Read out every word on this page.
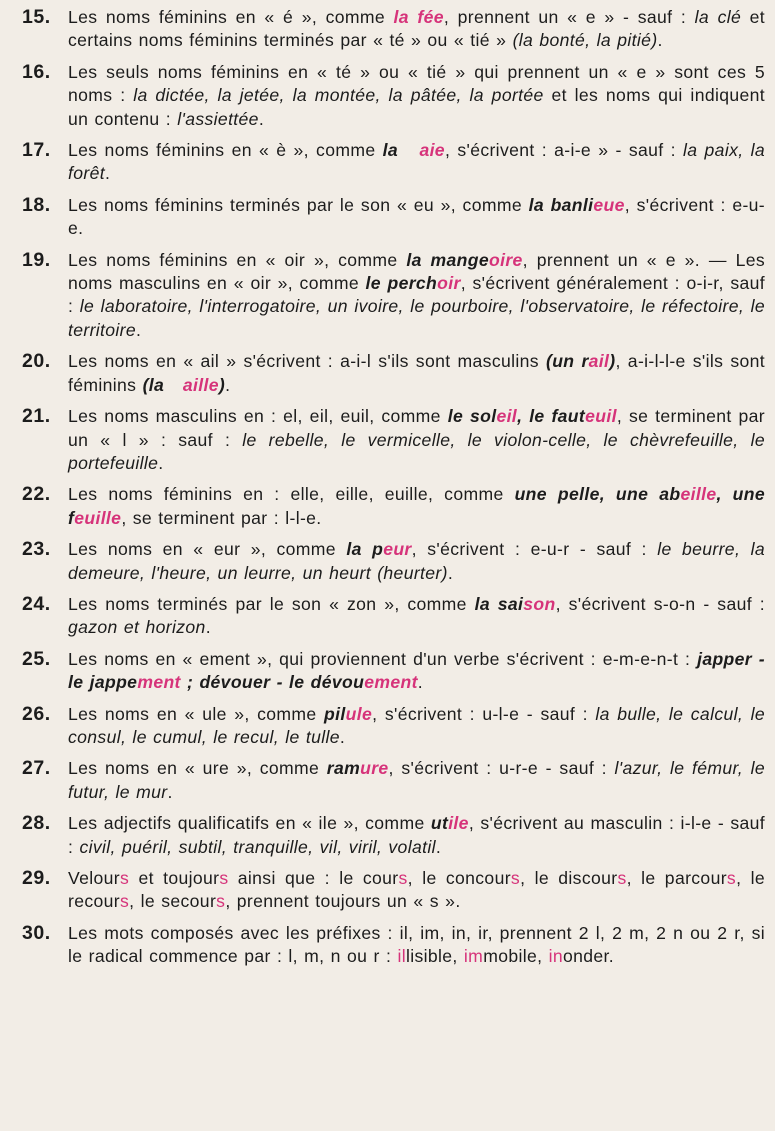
15. Les noms féminins en « é », comme la fée, prennent un « e » - sauf : la clé et certains noms féminins terminés par « té » ou « tié » (la bonté, la pitié).
16. Les seuls noms féminins en « té » ou « tié » qui prennent un « e » sont ces 5 noms : la dictée, la jetée, la montée, la pâtée, la portée et les noms qui indiquent un contenu : l'assiettée.
17. Les noms féminins en « è », comme la aie, s'écrivent : a-i-e » - sauf : la paix, la forêt.
18. Les noms féminins terminés par le son « eu », comme la banlieue, s'écrivent : e-u-e.
19. Les noms féminins en « oir », comme la mangeoire, prennent un « e ». — Les noms masculins en « oir », comme le perchoir, s'écrivent généralement : o-i-r, sauf : le laboratoire, l'interrogatoire, un ivoire, le pourboire, l'observatoire, le réfectoire, le territoire.
20. Les noms en « ail » s'écrivent : a-i-l s'ils sont masculins (un rail), a-i-l-l-e s'ils sont féminins (la aille).
21. Les noms masculins en : el, eil, euil, comme le soleil, le fauteuil, se terminent par un « l » : sauf : le rebelle, le vermicelle, le violon-celle, le chèvrefeuille, le portefeuille.
22. Les noms féminins en : elle, eille, euille, comme une pelle, une abeille, une feuille, se terminent par : l-l-e.
23. Les noms en « eur », comme la peur, s'écrivent : e-u-r - sauf : le beurre, la demeure, l'heure, un leurre, un heurt (heurter).
24. Les noms terminés par le son « zon », comme la saison, s'écrivent s-o-n - sauf : gazon et horizon.
25. Les noms en « ement », qui proviennent d'un verbe s'écrivent : e-m-e-n-t : japper - le jappement ; dévouer - le dévouement.
26. Les noms en « ule », comme pilule, s'écrivent : u-l-e - sauf : la bulle, le calcul, le consul, le cumul, le recul, le tulle.
27. Les noms en « ure », comme ramure, s'écrivent : u-r-e - sauf : l'azur, le fémur, le futur, le mur.
28. Les adjectifs qualificatifs en « ile », comme utile, s'écrivent au masculin : i-l-e - sauf : civil, puéril, subtil, tranquille, vil, viril, volatil.
29. Velours et toujours ainsi que : le cours, le concours, le discours, le parcours, le recours, le secours, prennent toujours un « s ».
30. Les mots composés avec les préfixes : il, im, in, ir, prennent 2 l, 2 m, 2 n ou 2 r, si le radical commence par : l, m, n ou r : illisible, immobile, inonder.
